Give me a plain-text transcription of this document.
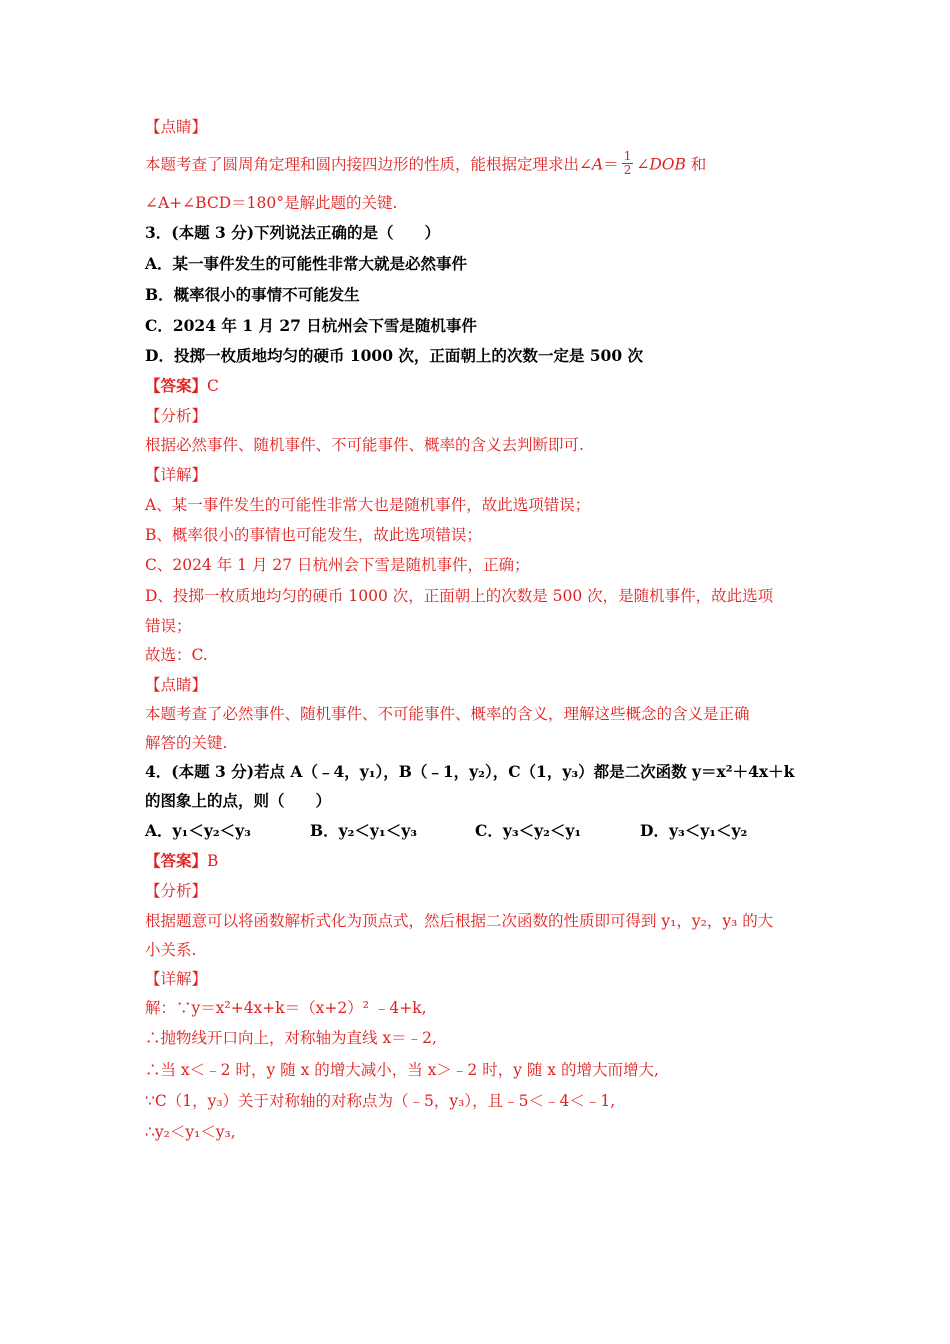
【点睛】
本题考查了圆周角定理和圆内接四边形的性质，能根据定理求出∠A＝ $\frac{1}{2}$ ∠DOB 和
∠A+∠BCD＝180°是解此题的关键.
3．(本题 3 分)下列说法正确的是（　　）
A．某一事件发生的可能性非常大就是必然事件
B．概率很小的事情不可能发生
C．2024 年 1 月 27 日杭州会下雪是随机事件
D．投掷一枚质地均匀的硬币 1000 次，正面朝上的次数一定是 500 次
【答案】C
【分析】
根据必然事件、随机事件、不可能事件、概率的含义去判断即可.
【详解】
A、某一事件发生的可能性非常大也是随机事件，故此选项错误；
B、概率很小的事情也可能发生，故此选项错误；
C、2024 年 1 月 27 日杭州会下雪是随机事件，正确；
D、投掷一枚质地均匀的硬币 1000 次，正面朝上的次数是 500 次，是随机事件，故此选项
错误；
故选：C.
【点睛】
本题考查了必然事件、随机事件、不可能事件、概率的含义，理解这些概念的含义是正确
解答的关键.
4．(本题 3 分)若点 A（﹣4，y₁），B（﹣1，y₂），C（1，y₃）都是二次函数 y＝x²＋4x＋k
的图象上的点，则（　　）
A．y₁＜y₂＜y₃	B．y₂＜y₁＜y₃	C．y₃＜y₂＜y₁	D．y₃＜y₁＜y₂
【答案】B
【分析】
根据题意可以将函数解析式化为顶点式，然后根据二次函数的性质即可得到 y₁，y₂，y₃ 的大
小关系.
【详解】
解：∵y＝x²+4x+k＝（x+2）² ﹣4+k,
∴抛物线开口向上，对称轴为直线 x＝﹣2,
∴当 x＜﹣2 时，y 随 x 的增大减小，当 x＞﹣2 时，y 随 x 的增大而增大,
∵C（1，y₃）关于对称轴的对称点为（﹣5，y₃），且﹣5＜﹣4＜﹣1,
∴y₂＜y₁＜y₃,
